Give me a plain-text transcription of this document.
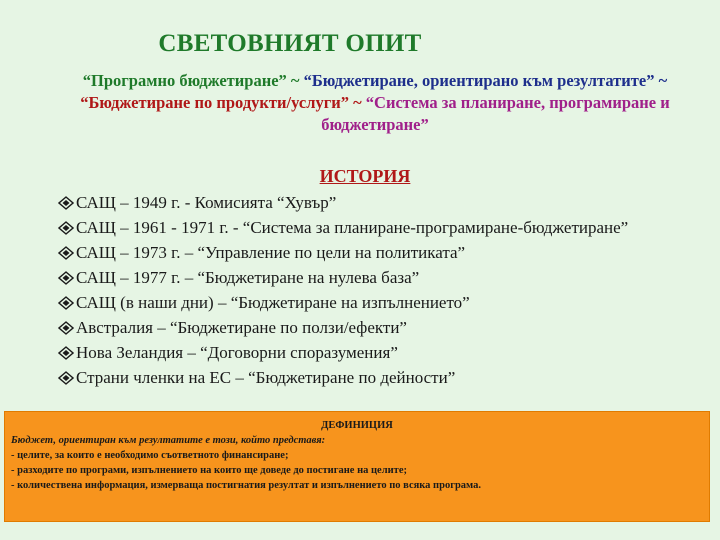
СВЕТОВНИЯТ ОПИТ
“Програмно бюджетиране” ~ “Бюджетиране, ориентирано към резултатите” ~ “Бюджетиране по продукти/услуги” ~ “Система за планиране, програмиране и бюджетиране”
ИСТОРИЯ
САЩ – 1949 г. - Комисията “Хувър”
САЩ – 1961 - 1971 г. - “Система за планиране-програмиране-бюджетиране”
САЩ – 1973 г. – “Управление по цели на политиката”
САЩ – 1977 г. – “Бюджетиране на нулева база”
САЩ (в наши дни) – “Бюджетиране на изпълнението”
Австралия – “Бюджетиране по ползи/ефекти”
Нова Зеландия – “Договорни споразумения”
Страни членки на ЕС – “Бюджетиране по дейности”
ДЕФИНИЦИЯ
Бюджет, ориентиран към резултатите е този, който представя:
- целите, за които е необходимо съответното финансиране;
- разходите по програми, изпълнението на които ще доведе до постигане на целите;
- количествена информация, измерваща постигнатия резултат и изпълнението по всяка програма.
